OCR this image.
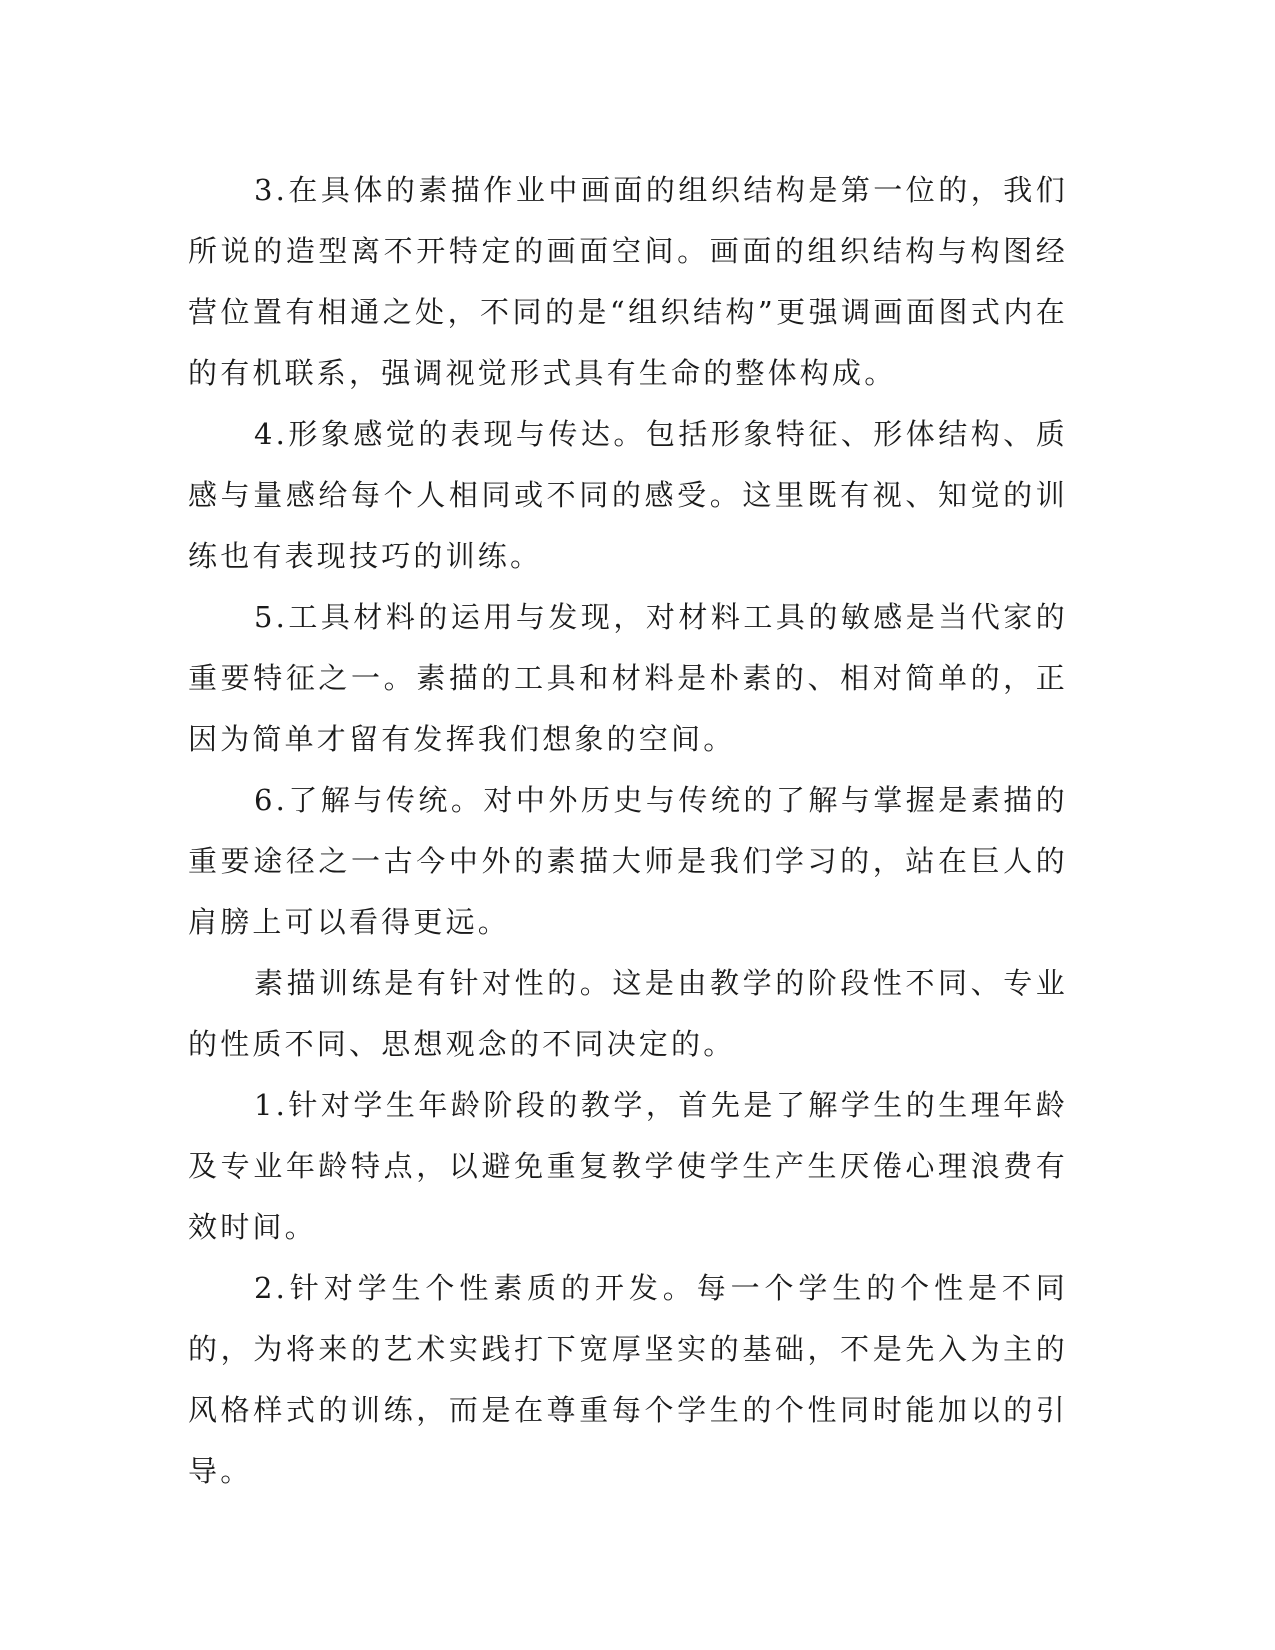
3.在具体的素描作业中画面的组织结构是第一位的，我们所说的造型离不开特定的画面空间。画面的组织结构与构图经营位置有相通之处，不同的是“组织结构”更强调画面图式内在的有机联系，强调视觉形式具有生命的整体构成。

4.形象感觉的表现与传达。包括形象特征、形体结构、质感与量感给每个人相同或不同的感受。这里既有视、知觉的训练也有表现技巧的训练。

5.工具材料的运用与发现，对材料工具的敏感是当代家的重要特征之一。素描的工具和材料是朴素的、相对简单的，正因为简单才留有发挥我们想象的空间。

6.了解与传统。对中外历史与传统的了解与掌握是素描的重要途径之一古今中外的素描大师是我们学习的，站在巨人的肩膀上可以看得更远。

素描训练是有针对性的。这是由教学的阶段性不同、专业的性质不同、思想观念的不同决定的。

1.针对学生年龄阶段的教学，首先是了解学生的生理年龄及专业年龄特点，以避免重复教学使学生产生厌倦心理浪费有效时间。

2.针对学生个性素质的开发。每一个学生的个性是不同的，为将来的艺术实践打下宽厚坚实的基础，不是先入为主的风格样式的训练，而是在尊重每个学生的个性同时能加以的引导。
